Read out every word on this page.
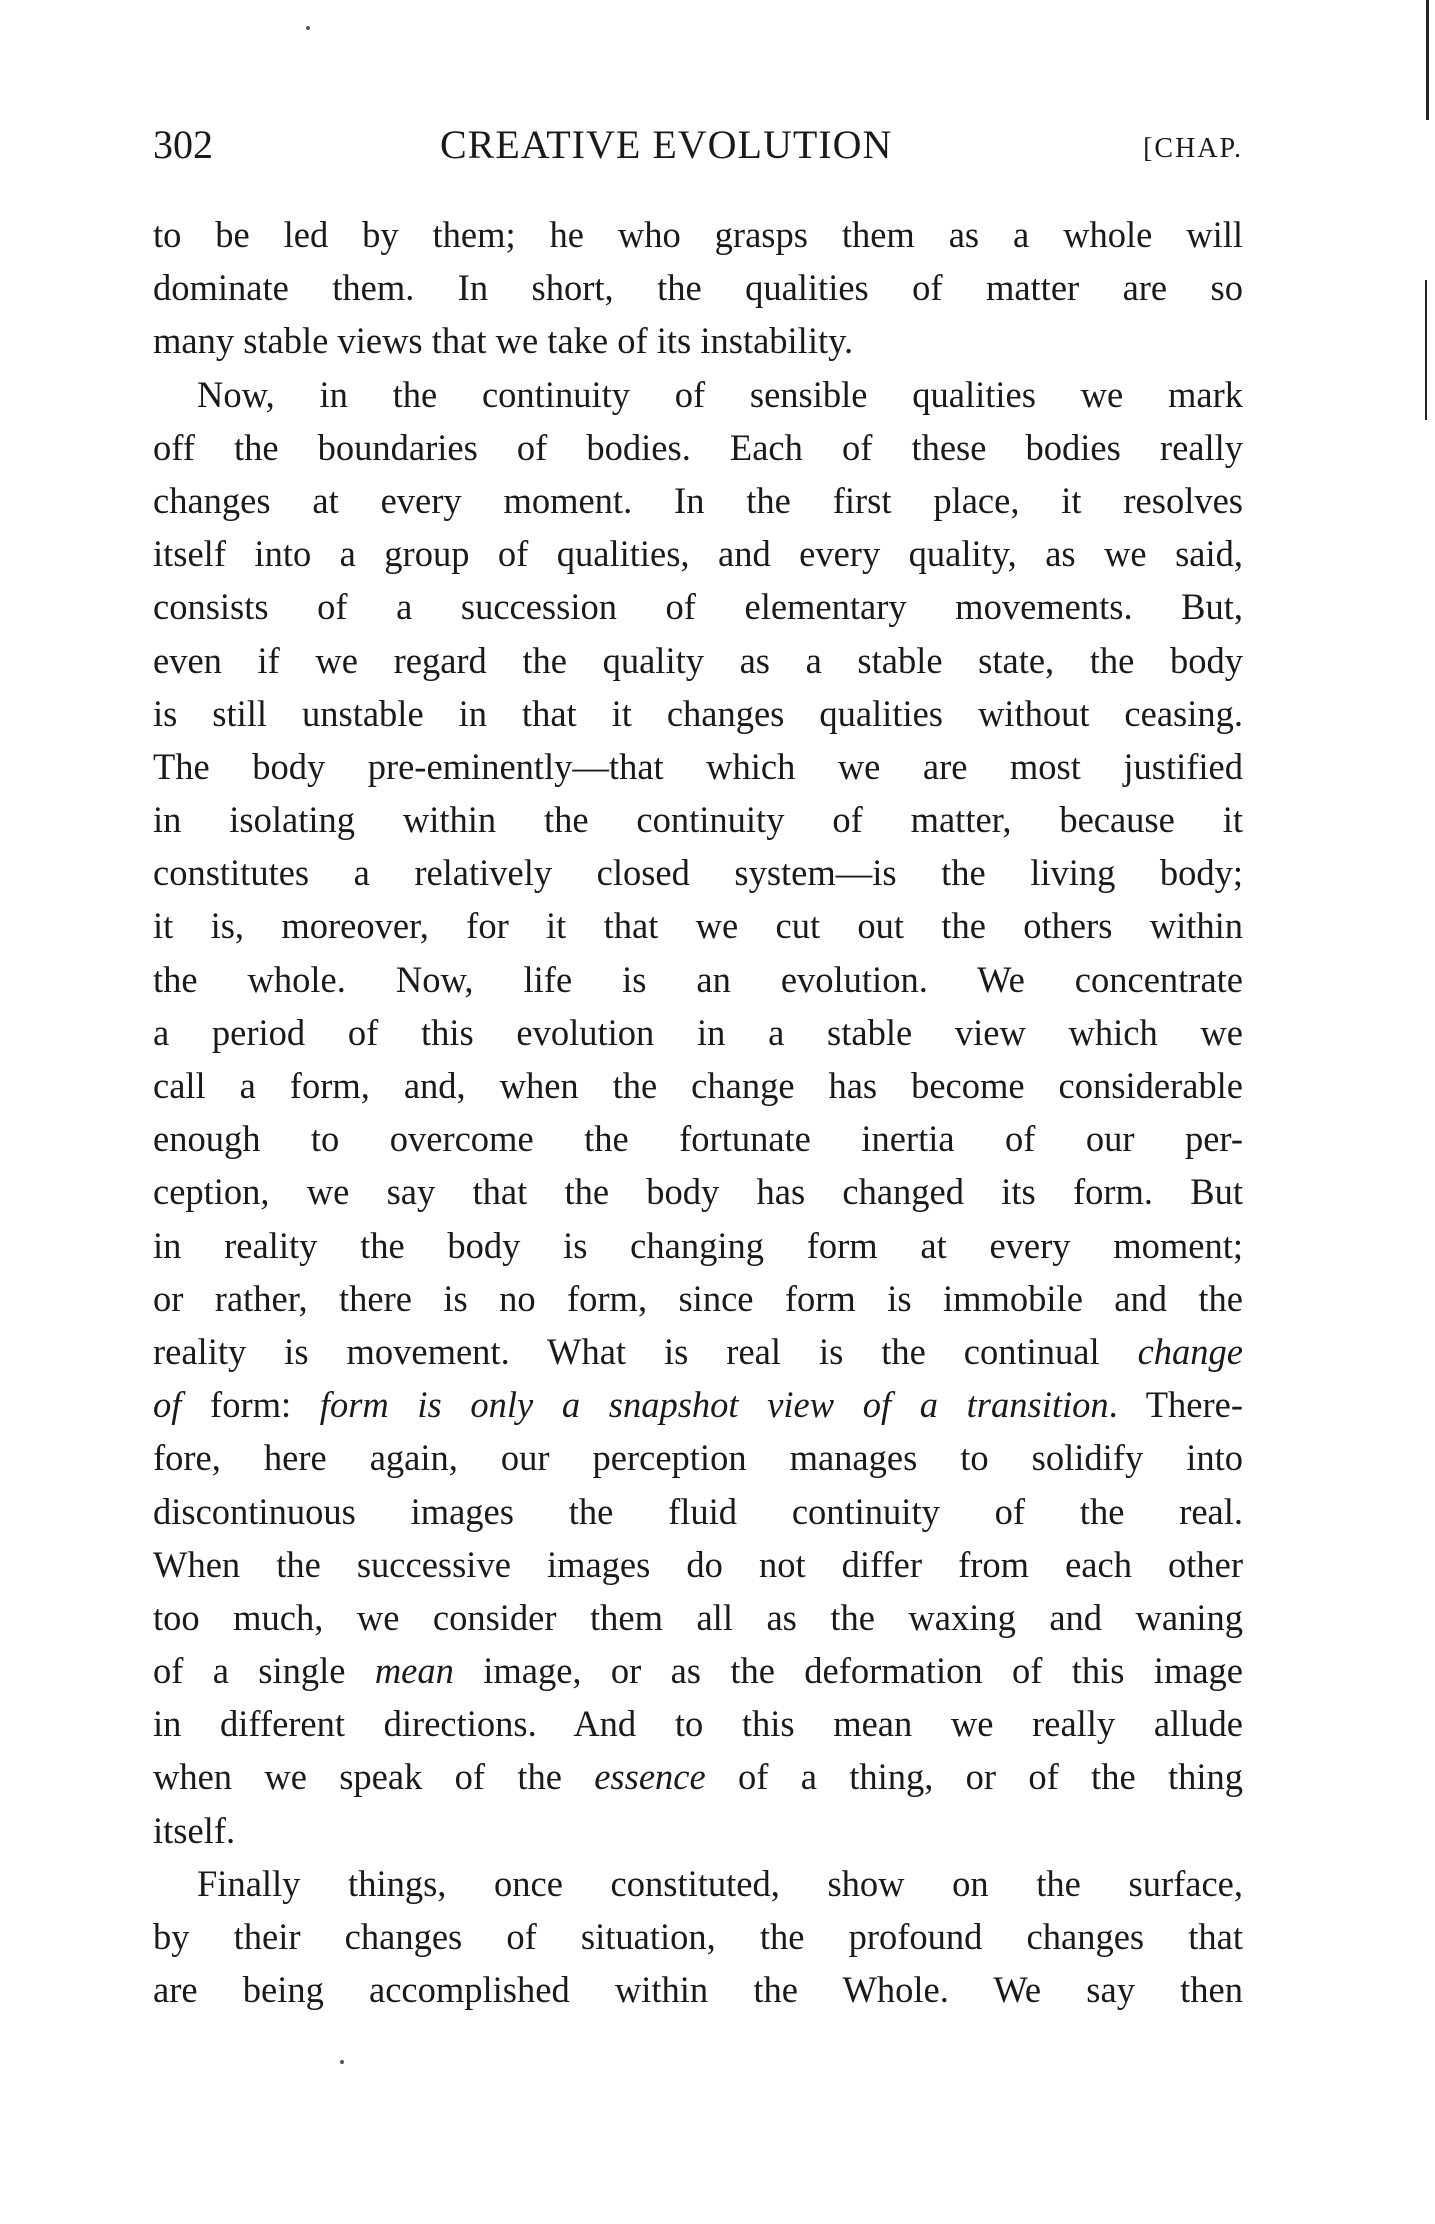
302	CREATIVE EVOLUTION	[CHAP.
to be led by them; he who grasps them as a whole will
dominate them. In short, the qualities of matter are so
many stable views that we take of its instability.
Now, in the continuity of sensible qualities we mark
off the boundaries of bodies. Each of these bodies really
changes at every moment. In the first place, it resolves
itself into a group of qualities, and every quality, as we said,
consists of a succession of elementary movements. But,
even if we regard the quality as a stable state, the body
is still unstable in that it changes qualities without ceasing.
The body pre-eminently—that which we are most justified
in isolating within the continuity of matter, because it
constitutes a relatively closed system—is the living body;
it is, moreover, for it that we cut out the others within
the whole. Now, life is an evolution. We concentrate
a period of this evolution in a stable view which we
call a form, and, when the change has become considerable
enough to overcome the fortunate inertia of our per-
ception, we say that the body has changed its form. But
in reality the body is changing form at every moment;
or rather, there is no form, since form is immobile and the
reality is movement. What is real is the continual change
of form: form is only a snapshot view of a transition. There-
fore, here again, our perception manages to solidify into
discontinuous images the fluid continuity of the real.
When the successive images do not differ from each other
too much, we consider them all as the waxing and waning
of a single mean image, or as the deformation of this image
in different directions. And to this mean we really allude
when we speak of the essence of a thing, or of the thing
itself.
Finally things, once constituted, show on the surface,
by their changes of situation, the profound changes that
are being accomplished within the Whole. We say then
